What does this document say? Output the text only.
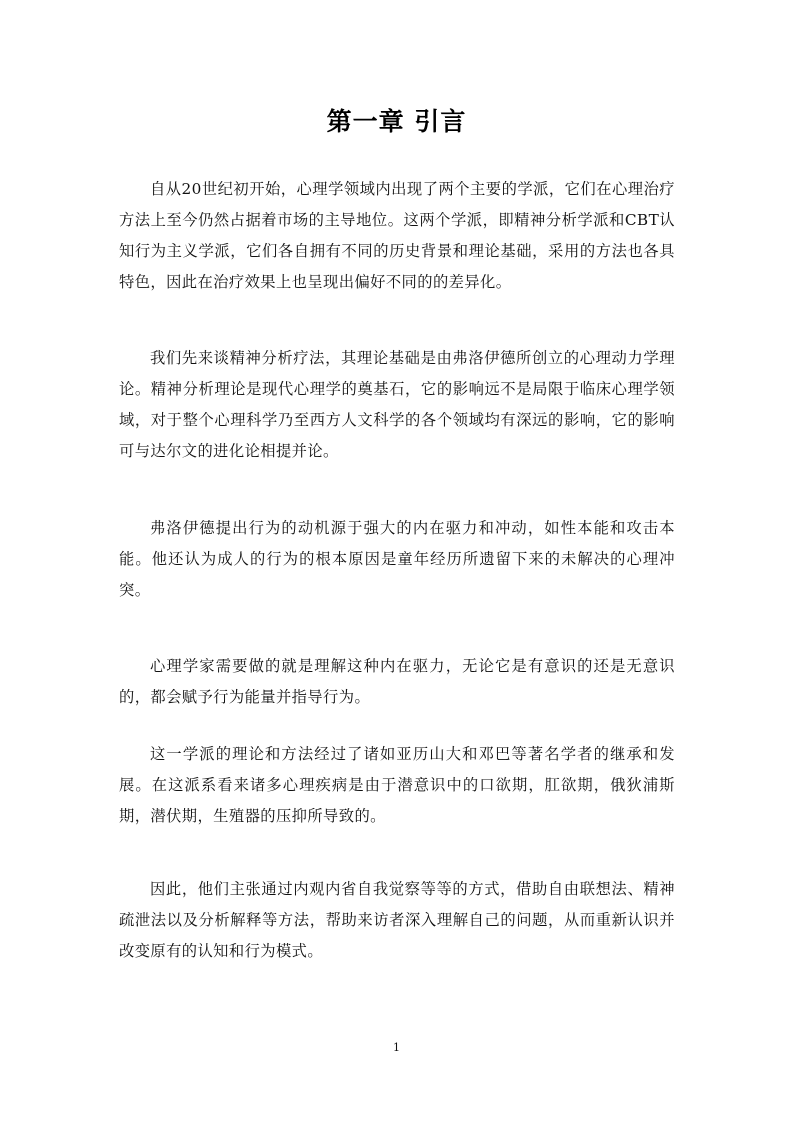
第一章 引言

自从20世纪初开始，心理学领域内出现了两个主要的学派，它们在心理治疗方法上至今仍然占据着市场的主导地位。这两个学派，即精神分析学派和CBT认知行为主义学派，它们各自拥有不同的历史背景和理论基础，采用的方法也各具特色，因此在治疗效果上也呈现出偏好不同的的差异化。

我们先来谈精神分析疗法，其理论基础是由弗洛伊德所创立的心理动力学理论。精神分析理论是现代心理学的奠基石，它的影响远不是局限于临床心理学领域，对于整个心理科学乃至西方人文科学的各个领域均有深远的影响，它的影响可与达尔文的进化论相提并论。

弗洛伊德提出行为的动机源于强大的内在驱力和冲动，如性本能和攻击本能。他还认为成人的行为的根本原因是童年经历所遗留下来的未解决的心理冲突。

心理学家需要做的就是理解这种内在驱力，无论它是有意识的还是无意识的，都会赋予行为能量并指导行为。

这一学派的理论和方法经过了诸如亚历山大和邓巴等著名学者的继承和发展。在这派系看来诸多心理疾病是由于潜意识中的口欲期，肛欲期，俄狄浦斯期，潜伏期，生殖器的压抑所导致的。

因此，他们主张通过内观内省自我觉察等等的方式，借助自由联想法、精神疏泄法以及分析解释等方法，帮助来访者深入理解自己的问题，从而重新认识并改变原有的认知和行为模式。

1
